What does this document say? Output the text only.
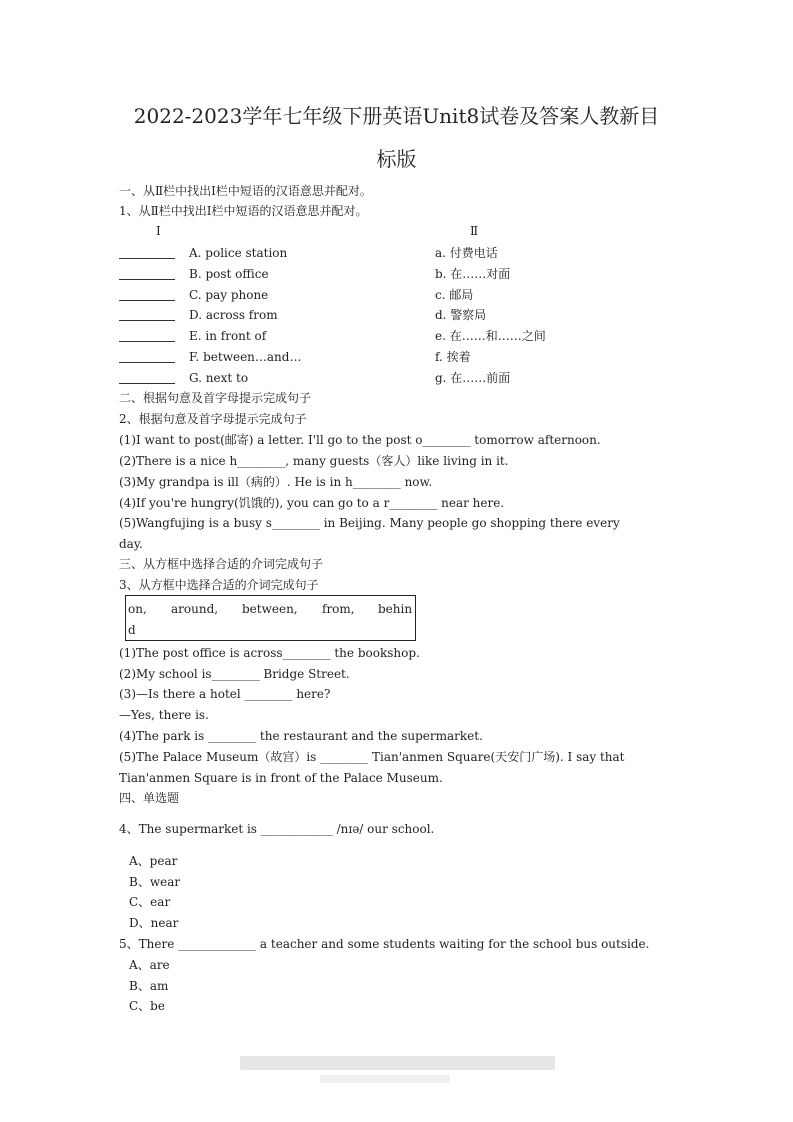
2022-2023学年七年级下册英语Unit8试卷及答案人教新目
标版
一、从Ⅱ栏中找出Ⅰ栏中短语的汉语意思并配对。
1、从Ⅱ栏中找出Ⅰ栏中短语的汉语意思并配对。
Ⅰ	Ⅱ
A. police station	a. 付费电话
B. post office	b. 在……对面
C. pay phone	c. 邮局
D. across from	d. 警察局
E. in front of	e. 在……和……之间
F. between…and…	f. 挨着
G. next to	g. 在……前面
二、根据句意及首字母提示完成句子
2、根据句意及首字母提示完成句子
(1)I want to post(邮寄) a letter. I'll go to the post o________ tomorrow afternoon.
(2)There is a nice h________, many guests（客人）like living in it.
(3)My grandpa is ill（病的）. He is in h________ now.
(4)If you're hungry(饥饿的), you can go to a r________ near here.
(5)Wangfujing is a busy s________ in Beijing. Many people go shopping there every
day.
三、从方框中选择合适的介词完成句子
3、从方框中选择合适的介词完成句子
on, around, between, from, behin
d
(1)The post office is across________ the bookshop.
(2)My school is________ Bridge Street.
(3)—Is there a hotel ________ here?
—Yes, there is.
(4)The park is ________ the restaurant and the supermarket.
(5)The Palace Museum（故宫）is ________ Tian'anmen Square(天安门广场). I say that
Tian'anmen Square is in front of the Palace Museum.
四、单选题
4、The supermarket is ____________ /nɪə/ our school.
A、pear
B、wear
C、ear
D、near
5、There _____________ a teacher and some students waiting for the school bus outside.
A、are
B、am
C、be
